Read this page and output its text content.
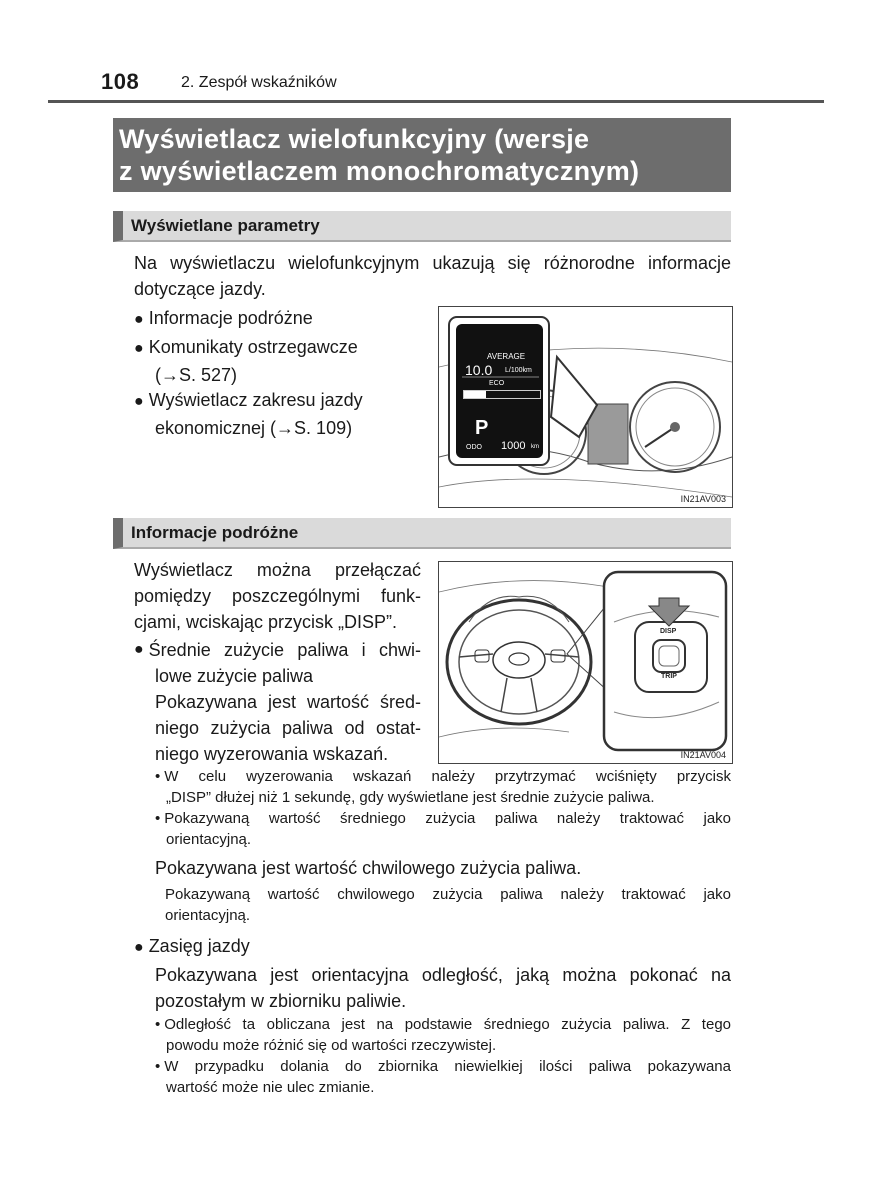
108	2. Zespół wskaźników
Wyświetlacz wielofunkcyjny (wersje
z wyświetlaczem monochromatycznym)
Wyświetlane parametry
Na wyświetlaczu wielofunkcyjnym ukazują się różnorodne informacje
dotyczące jazdy.
● Informacje podróżne
● Komunikaty ostrzegawcze
(→S. 527)
● Wyświetlacz zakresu jazdy
ekonomicznej (→S. 109)
AVERAGE
10.0 L/100km
ECO
P
ODO 1000 km
IN21AV003
Informacje podróżne
Wyświetlacz można przełączać
pomiędzy poszczególnymi funk-
cjami, wciskając przycisk „DISP”.
● Średnie zużycie paliwa i chwi-
lowe zużycie paliwa
Pokazywana jest wartość śred-
niego zużycia paliwa od ostat-
niego wyzerowania wskazań.
DISP
TRIP
IN21AV004
• W celu wyzerowania wskazań należy przytrzymać wciśnięty przycisk
„DISP” dłużej niż 1 sekundę, gdy wyświetlane jest średnie zużycie paliwa.
• Pokazywaną wartość średniego zużycia paliwa należy traktować jako
orientacyjną.
Pokazywana jest wartość chwilowego zużycia paliwa.
Pokazywaną wartość chwilowego zużycia paliwa należy traktować jako
orientacyjną.
● Zasięg jazdy
Pokazywana jest orientacyjna odległość, jaką można pokonać na
pozostałym w zbiorniku paliwie.
• Odległość ta obliczana jest na podstawie średniego zużycia paliwa. Z tego
powodu może różnić się od wartości rzeczywistej.
• W przypadku dolania do zbiornika niewielkiej ilości paliwa pokazywana
wartość może nie ulec zmianie.
